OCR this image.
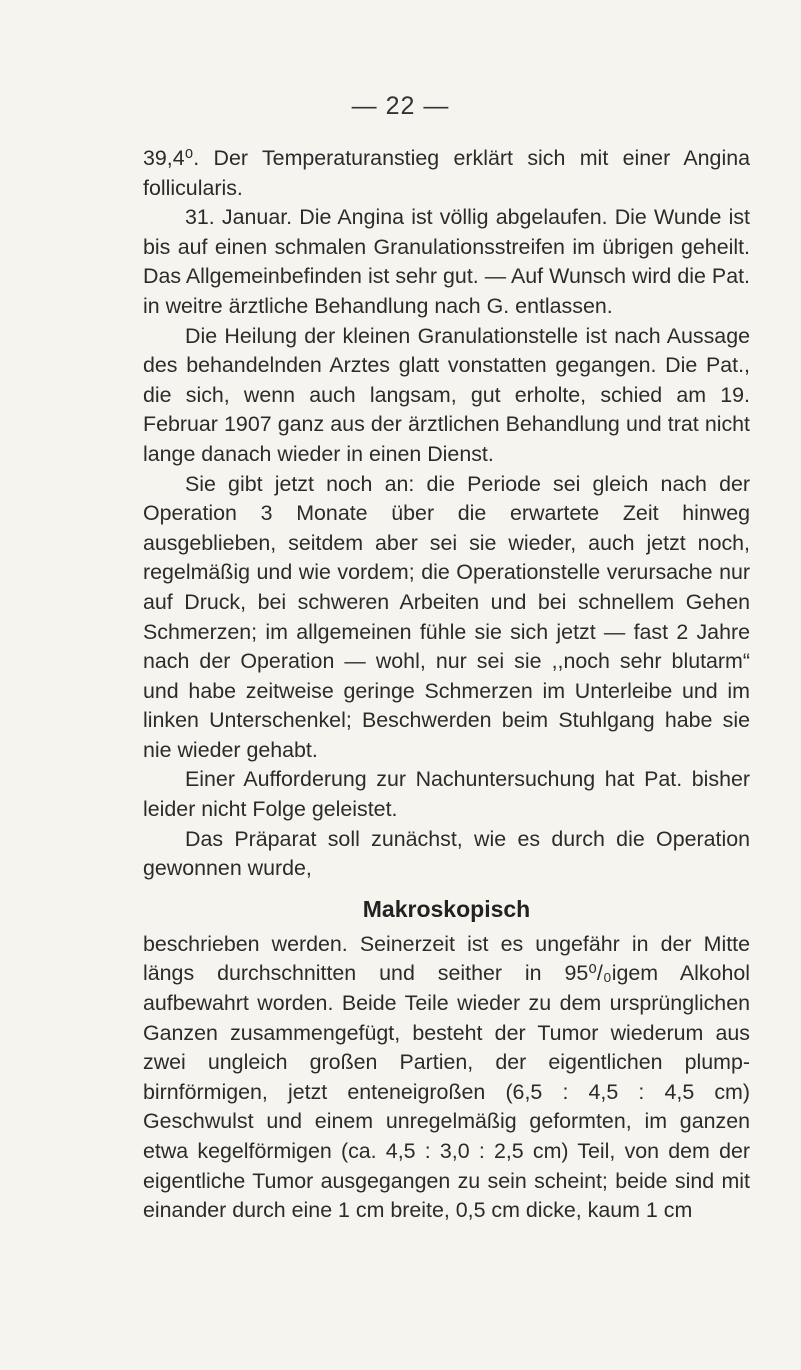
— 22 —

39,4⁰. Der Temperaturanstieg erklärt sich mit einer Angina follicularis.

31. Januar. Die Angina ist völlig abgelaufen. Die Wunde ist bis auf einen schmalen Granulationsstreifen im übrigen geheilt. Das Allgemeinbefinden ist sehr gut. — Auf Wunsch wird die Pat. in weitre ärztliche Behandlung nach G. entlassen.

Die Heilung der kleinen Granulationstelle ist nach Aussage des behandelnden Arztes glatt vonstatten gegangen. Die Pat., die sich, wenn auch langsam, gut erholte, schied am 19. Februar 1907 ganz aus der ärztlichen Behandlung und trat nicht lange danach wieder in einen Dienst.

Sie gibt jetzt noch an: die Periode sei gleich nach der Operation 3 Monate über die erwartete Zeit hinweg ausgeblieben, seitdem aber sei sie wieder, auch jetzt noch, regelmäßig und wie vordem; die Operationstelle verursache nur auf Druck, bei schweren Arbeiten und bei schnellem Gehen Schmerzen; im allgemeinen fühle sie sich jetzt — fast 2 Jahre nach der Operation — wohl, nur sei sie ,,noch sehr blutarm“ und habe zeitweise geringe Schmerzen im Unterleibe und im linken Unterschenkel; Beschwerden beim Stuhlgang habe sie nie wieder gehabt.

Einer Aufforderung zur Nachuntersuchung hat Pat. bisher leider nicht Folge geleistet.

Das Präparat soll zunächst, wie es durch die Operation gewonnen wurde,

Makroskopisch

beschrieben werden. Seinerzeit ist es ungefähr in der Mitte längs durchschnitten und seither in 95⁰/₀igem Alkohol aufbewahrt worden. Beide Teile wieder zu dem ursprünglichen Ganzen zusammengefügt, besteht der Tumor wiederum aus zwei ungleich großen Partien, der eigentlichen plump-birnförmigen, jetzt enteneigroßen (6,5 : 4,5 : 4,5 cm) Geschwulst und einem unregelmäßig geformten, im ganzen etwa kegelförmigen (ca. 4,5 : 3,0 : 2,5 cm) Teil, von dem der eigentliche Tumor ausgegangen zu sein scheint; beide sind mit einander durch eine 1 cm breite, 0,5 cm dicke, kaum 1 cm
